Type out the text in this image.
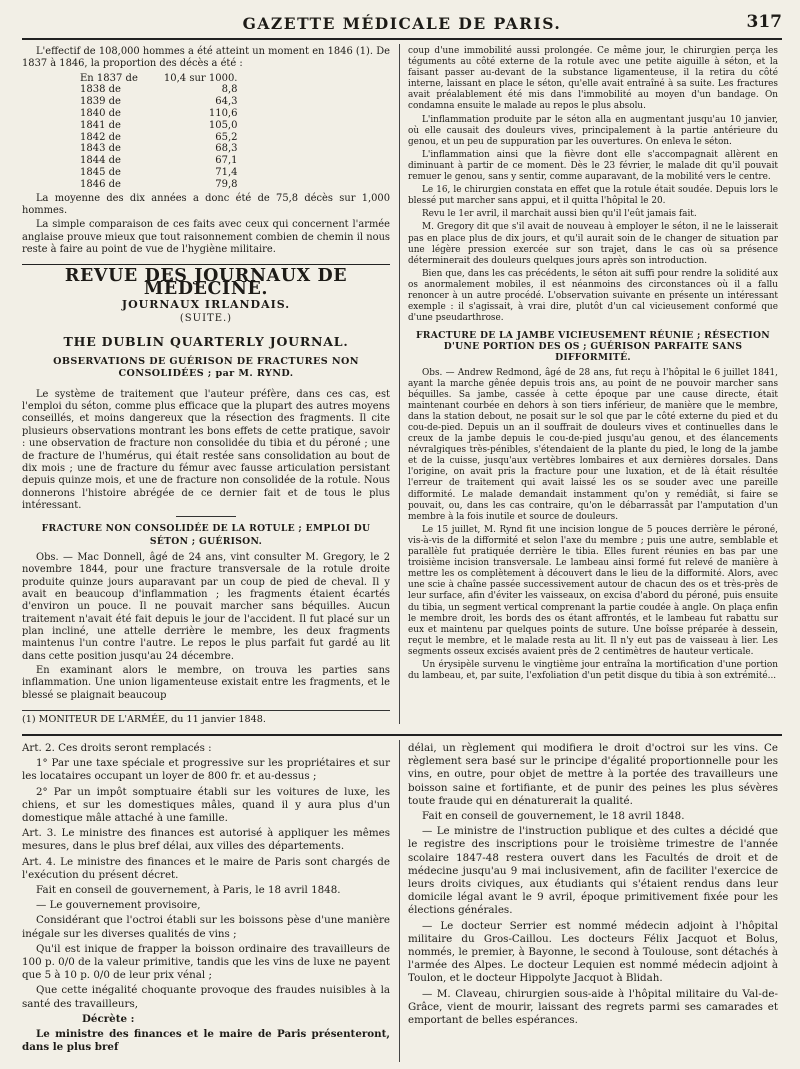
GAZETTE MÉDICALE DE PARIS.	317

L'effectif de 108,000 hommes a été atteint un moment en 1846 (1). De 1837 à 1846, la proportion des décès a été :

En 1837 de	10,4 sur 1000.
1838 de	8,8
1839 de	64,3
1840 de	110,6
1841 de	105,0
1842 de	65,2
1843 de	68,3
1844 de	67,1
1845 de	71,4
1846 de	79,8

La moyenne des dix années a donc été de 75,8 décès sur 1,000 hommes.

La simple comparaison de ces faits avec ceux qui concernent l'armée anglaise prouve mieux que tout raisonnement combien de chemin il nous reste à faire au point de vue de l'hygiène militaire.

REVUE DES JOURNAUX DE MÉDECINE.
JOURNAUX IRLANDAIS.
(SUITE.)
THE DUBLIN QUARTERLY JOURNAL.
OBSERVATIONS DE GUÉRISON DE FRACTURES NON CONSOLIDÉES ; par M. RYND.

Le système de traitement que l'auteur préfère, dans ces cas, est l'emploi du séton, comme plus efficace que la plupart des autres moyens conseillés, et moins dangereux que la résection des fragments. Il cite plusieurs observations montrant les bons effets de cette pratique, savoir : une observation de fracture non consolidée du tibia et du péroné ; une de fracture de l'humérus, qui était restée sans consolidation au bout de dix mois ; une de fracture du fémur avec fausse articulation persistant depuis quinze mois, et une de fracture non consolidée de la rotule. Nous donnerons l'histoire abrégée de ce dernier fait et de tous le plus intéressant.

FRACTURE NON CONSOLIDÉE DE LA ROTULE ; EMPLOI DU SÉTON ; GUÉRISON.

Obs. — Mac Donnell, âgé de 24 ans, vint consulter M. Gregory, le 2 novembre 1844, pour une fracture transversale de la rotule droite produite quinze jours auparavant par un coup de pied de cheval. Il y avait en beaucoup d'inflammation ; les fragments étaient écartés d'environ un pouce. Il ne pouvait marcher sans béquilles. Aucun traitement n'avait été fait depuis le jour de l'accident. Il fut placé sur un plan incliné, une attelle derrière le membre, les deux fragments maintenus l'un contre l'autre. Le repos le plus parfait fut gardé au lit dans cette position jusqu'au 24 décembre.

En examinant alors le membre, on trouva les parties sans inflammation. Une union ligamenteuse existait entre les fragments, et le blessé se plaignait beaucoup

(1) MONITEUR DE L'ARMÉE, du 11 janvier 1848.

coup d'une immobilité aussi prolongée. Ce même jour, le chirurgien perça les téguments au côté externe de la rotule avec une petite aiguille à séton, et la faisant passer au-devant de la substance ligamenteuse, il la retira du côté interne, laissant en place le séton, qu'elle avait entraîné à sa suite. Les fractures avait préalablement été mis dans l'immobilité au moyen d'un bandage. On condamna ensuite le malade au repos le plus absolu.

L'inflammation produite par le séton alla en augmentant jusqu'au 10 janvier, où elle causait des douleurs vives, principalement à la partie antérieure du genou, et un peu de suppuration par les ouvertures. On enleva le séton.

L'inflammation ainsi que la fièvre dont elle s'accompagnait allèrent en diminuant à partir de ce moment. Dès le 23 février, le malade dit qu'il pouvait remuer le genou, sans y sentir, comme auparavant, de la mobilité vers le centre.

Le 16, le chirurgien constata en effet que la rotule était soudée. Depuis lors le blessé put marcher sans appui, et il quitta l'hôpital le 20.

Revu le 1er avril, il marchait aussi bien qu'il l'eût jamais fait.

M. Gregory dit que s'il avait de nouveau à employer le séton, il ne le laisserait pas en place plus de dix jours, et qu'il aurait soin de le changer de situation par une légère pression exercée sur son trajet, dans le cas où sa présence déterminerait des douleurs quelques jours après son introduction.

Bien que, dans les cas précédents, le séton ait suffi pour rendre la solidité aux os anormalement mobiles, il est néanmoins des circonstances où il a fallu renoncer à un autre procédé. L'observation suivante en présente un intéressant exemple : il s'agissait, à vrai dire, plutôt d'un cal vicieusement conformé que d'une pseudarthrose.

FRACTURE DE LA JAMBE VICIEUSEMENT RÉUNIE ; RÉSECTION D'UNE PORTION DES OS ; GUÉRISON PARFAITE SANS DIFFORMITÉ.

Obs. — Andrew Redmond, âgé de 28 ans, fut reçu à l'hôpital le 6 juillet 1841, ayant la marche gênée depuis trois ans, au point de ne pouvoir marcher sans béquilles. Sa jambe, cassée à cette époque par une cause directe, était maintenant courbée en dehors à son tiers inférieur, de manière que le membre, dans la station debout, ne posait sur le sol que par le côté externe du pied et du cou-de-pied. Depuis un an il souffrait de douleurs vives et continuelles dans le creux de la jambe depuis le cou-de-pied jusqu'au genou, et des élancements névralgiques très-pénibles, s'étendaient de la plante du pied, le long de la jambe et de la cuisse, jusqu'aux vertèbres lombaires et aux dernières dorsales. Dans l'origine, on avait pris la fracture pour une luxation, et de là était résultée l'erreur de traitement qui avait laissé les os se souder avec une pareille difformité. Le malade demandait instamment qu'on y remédiât, si faire se pouvait, ou, dans les cas contraire, qu'on le débarrassât par l'amputation d'un membre à la fois inutile et source de douleurs.

Le 15 juillet, M. Rynd fit une incision longue de 5 pouces derrière le péroné, vis-à-vis de la difformité et selon l'axe du membre ; puis une autre, semblable et parallèle fut pratiquée derrière le tibia. Elles furent réunies en bas par une troisième incision transversale. Le lambeau ainsi formé fut relevé de manière à mettre les os complètement à découvert dans le lieu de la difformité. Alors, avec une scie à chaîne passée successivement autour de chacun des os et très-près de leur surface, afin d'éviter les vaisseaux, on excisa d'abord du péroné, puis ensuite du tibia, un segment vertical comprenant la partie coudée à angle. On plaça enfin le membre droit, les bords des os étant affrontés, et le lambeau fut rabattu sur eux et maintenu par quelques points de suture. Une boîsse préparée à dessein, reçut le membre, et le malade resta au lit. Il n'y eut pas de vaisseau à lier. Les segments osseux excisés avaient près de 2 centimètres de hauteur verticale.

Un érysipèle survenu le vingtième jour entraîna la mortification d'une portion du lambeau, et, par suite, l'exfoliation d'un petit disque du tibia à son extrémité...

Art. 2. Ces droits seront remplacés :

1° Par une taxe spéciale et progressive sur les propriétaires et sur les locataires occupant un loyer de 800 fr. et au-dessus ;

2° Par un impôt somptuaire établi sur les voitures de luxe, les chiens, et sur les domestiques mâles, quand il y aura plus d'un domestique mâle attaché à une famille.

Art. 3. Le ministre des finances est autorisé à appliquer les mêmes mesures, dans le plus bref délai, aux villes des départements.

Art. 4. Le ministre des finances et le maire de Paris sont chargés de l'exécution du présent décret.

Fait en conseil de gouvernement, à Paris, le 18 avril 1848.

— Le gouvernement provisoire,

Considérant que l'octroi établi sur les boissons pèse d'une manière inégale sur les diverses qualités de vins ;

Qu'il est inique de frapper la boisson ordinaire des travailleurs de 100 p. 0/0 de la valeur primitive, tandis que les vins de luxe ne payent que 5 à 10 p. 0/0 de leur prix vénal ;

Que cette inégalité choquante provoque des fraudes nuisibles à la santé des travailleurs,

Décrète :

Le ministre des finances et le maire de Paris présenteront, dans le plus bref

délai, un règlement qui modifiera le droit d'octroi sur les vins. Ce règlement sera basé sur le principe d'égalité proportionnelle pour les vins, en outre, pour objet de mettre à la portée des travailleurs une boisson saine et fortifiante, et de punir des peines les plus sévères toute fraude qui en dénaturerait la qualité.

Fait en conseil de gouvernement, le 18 avril 1848.

— Le ministre de l'instruction publique et des cultes a décidé que le registre des inscriptions pour le troisième trimestre de l'année scolaire 1847-48 restera ouvert dans les Facultés de droit et de médecine jusqu'au 9 mai inclusivement, afin de faciliter l'exercice de leurs droits civiques, aux étudiants qui s'étaient rendus dans leur domicile légal avant le 9 avril, époque primitivement fixée pour les élections générales.

— Le docteur Serrier est nommé médecin adjoint à l'hôpital militaire du Gros-Caillou. Les docteurs Félix Jacquot et Bolus, nommés, le premier, à Bayonne, le second à Toulouse, sont détachés à l'armée des Alpes. Le docteur Lequien est nommé médecin adjoint à Toulon, et le docteur Hippolyte Jacquot à Blidah.

— M. Claveau, chirurgien sous-aide à l'hôpital militaire du Val-de-Grâce, vient de mourir, laissant des regrets parmi ses camarades et emportant de belles espérances.
